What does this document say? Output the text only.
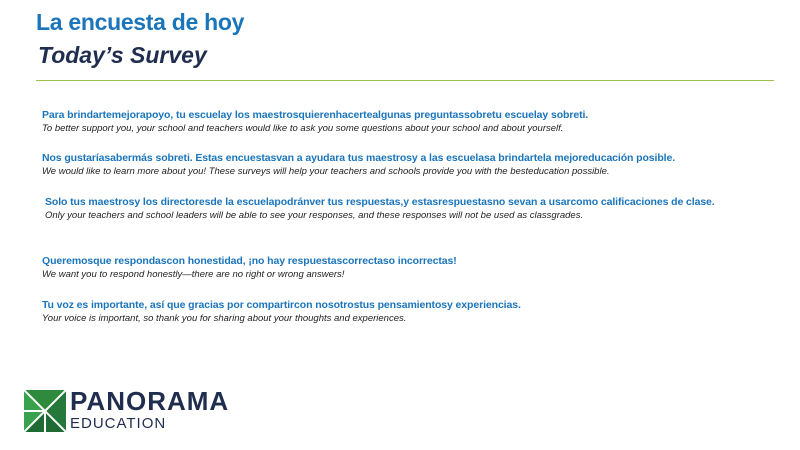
La encuesta de hoy
Today’s Survey
Para brindartemejorapoyo, tu escuelay los maestrosquierenhacertealgunas preguntassobretu escuelay sobreti.
To better support you, your school and teachers would like to ask you some questions about your school and about yourself.
Nos gustaríasabermás sobreti. Estas encuestasvan a ayudara tus maestrosy a las escuelasa brindartela mejoreducación posible.
We would like to learn more about you! These surveys will help your teachers and schools provide you with the besteducation possible.
Solo tus maestrosy los directoresde la escuelapodránver tus respuestas,y estasrespuestasno sevan a usarcomo calificaciones de clase.
Only your teachers and school leaders will be able to see your responses, and these responses will not be used as classgrades.
Queremosque respondascon honestidad, ¡no hay respuestascorrectaso incorrectas!
We want you to respond honestly—there are no right or wrong answers!
Tu voz es importante, así que gracias por compartircon nosotrostus pensamientosy experiencias.
Your voice is important, so thank you for sharing about your thoughts and experiences.
PANORAMA
EDUCATION
